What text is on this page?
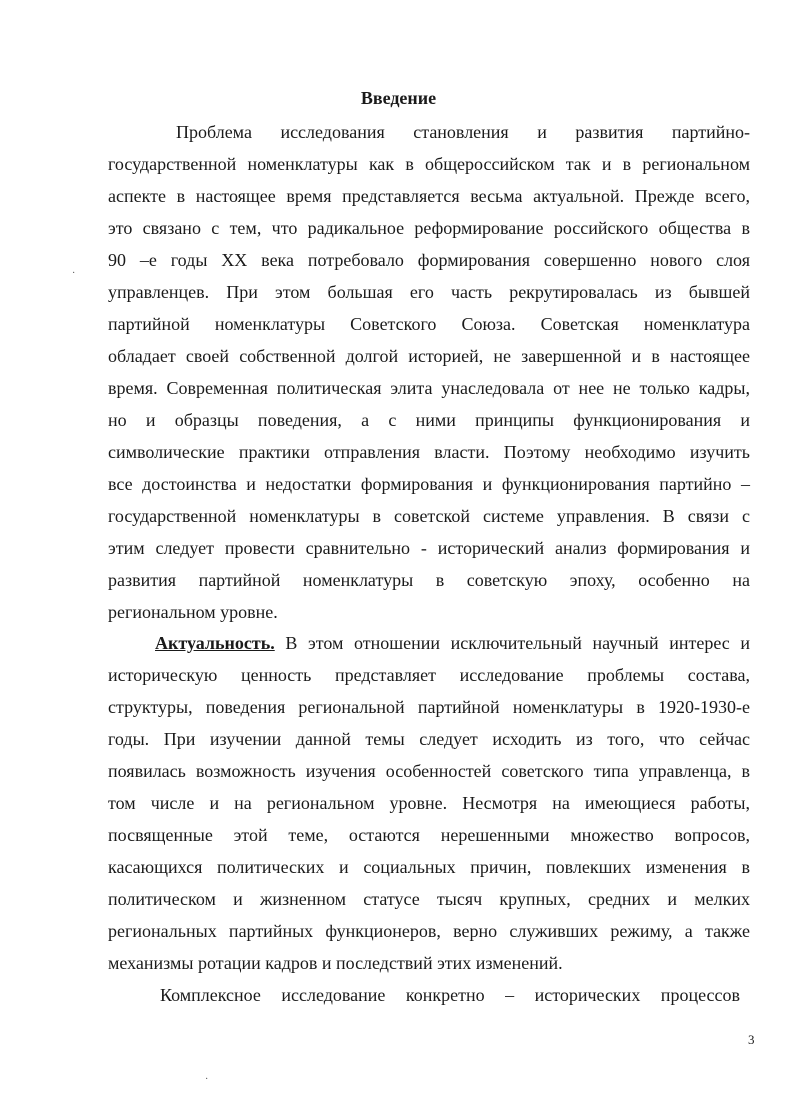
Введение
Проблема исследования становления и развития партийно-
государственной номенклатуры как в общероссийском так и в региональном
аспекте в настоящее время представляется весьма актуальной. Прежде всего,
это связано с тем, что радикальное реформирование российского общества в
90 –е годы XX века потребовало формирования совершенно нового слоя
управленцев. При этом большая его часть рекрутировалась из бывшей
партийной номенклатуры Советского Союза. Советская номенклатура
обладает своей собственной долгой историей, не завершенной и в настоящее
время. Современная политическая элита унаследовала от нее не только кадры,
но и образцы поведения, а с ними принципы функционирования и
символические практики отправления власти. Поэтому необходимо изучить
все достоинства и недостатки формирования и функционирования партийно –
государственной номенклатуры в советской системе управления. В связи с
этим следует провести сравнительно - исторический анализ формирования и
развития партийной номенклатуры в советскую эпоху, особенно на
региональном уровне.
Актуальность. В этом отношении исключительный научный интерес и
историческую ценность представляет исследование проблемы состава,
структуры, поведения региональной партийной номенклатуры в 1920-1930-е
годы. При изучении данной темы следует исходить из того, что сейчас
появилась возможность изучения особенностей советского типа управленца, в
том числе и на региональном уровне. Несмотря на имеющиеся работы,
посвященные этой теме, остаются нерешенными множество вопросов,
касающихся политических и социальных причин, повлекших изменения в
политическом и жизненном статусе тысяч крупных, средних и мелких
региональных партийных функционеров, верно служивших режиму, а также
механизмы ротации кадров и последствий этих изменений.
Комплексное исследование конкретно – исторических процессов
3
·
·
